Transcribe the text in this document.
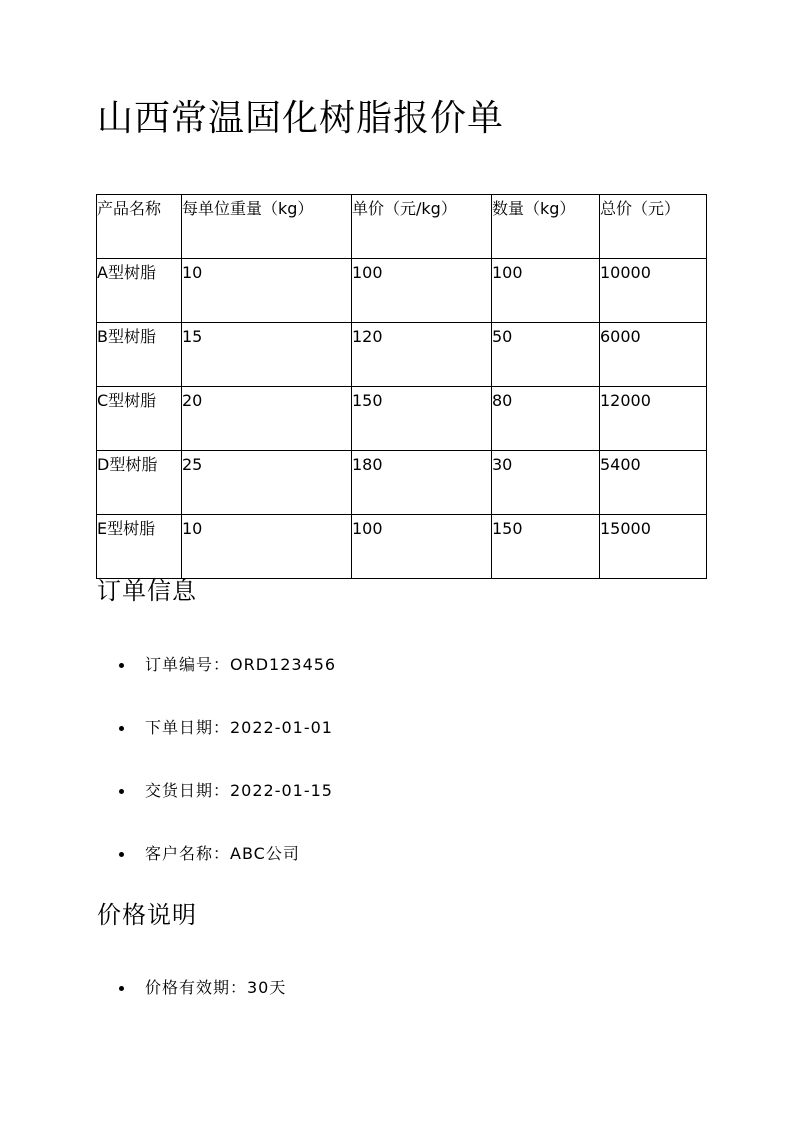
山西常温固化树脂报价单
产品名称	每单位重量（kg）	单价（元/kg）	数量（kg）	总价（元）
A型树脂	10	100	100	10000
B型树脂	15	120	50	6000
C型树脂	20	150	80	12000
D型树脂	25	180	30	5400
E型树脂	10	100	150	15000
订单信息
订单编号：ORD123456
下单日期：2022-01-01
交货日期：2022-01-15
客户名称：ABC公司
价格说明
价格有效期：30天
